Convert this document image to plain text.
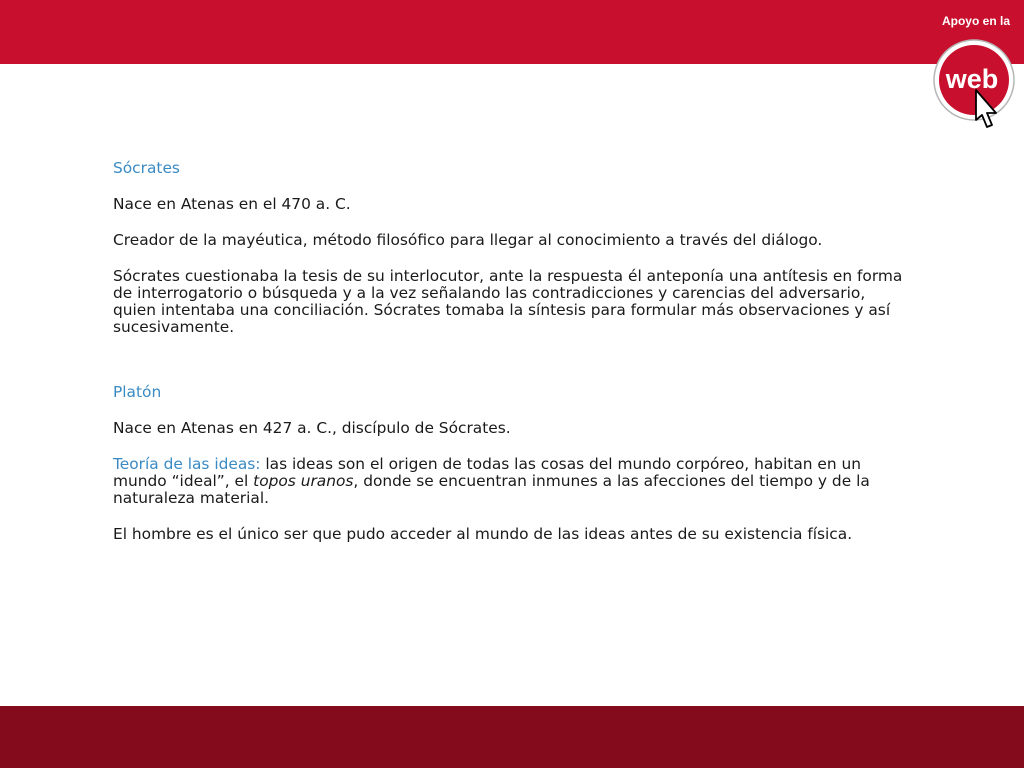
Apoyo en la
web

Sócrates

Nace en Atenas en el 470 a. C.

Creador de la mayéutica, método filosófico para llegar al conocimiento a través del diálogo.

Sócrates cuestionaba la tesis de su interlocutor, ante la respuesta él anteponía una antítesis en forma de interrogatorio o búsqueda y a la vez señalando las contradicciones y carencias del adversario, quien intentaba una conciliación. Sócrates tomaba la síntesis para formular más observaciones y así sucesivamente.

Platón

Nace en Atenas en 427 a. C., discípulo de Sócrates.

Teoría de las ideas: las ideas son el origen de todas las cosas del mundo corpóreo, habitan en un mundo “ideal”, el topos uranos, donde se encuentran inmunes a las afecciones del tiempo y de la naturaleza material.

El hombre es el único ser que pudo acceder al mundo de las ideas antes de su existencia física.
